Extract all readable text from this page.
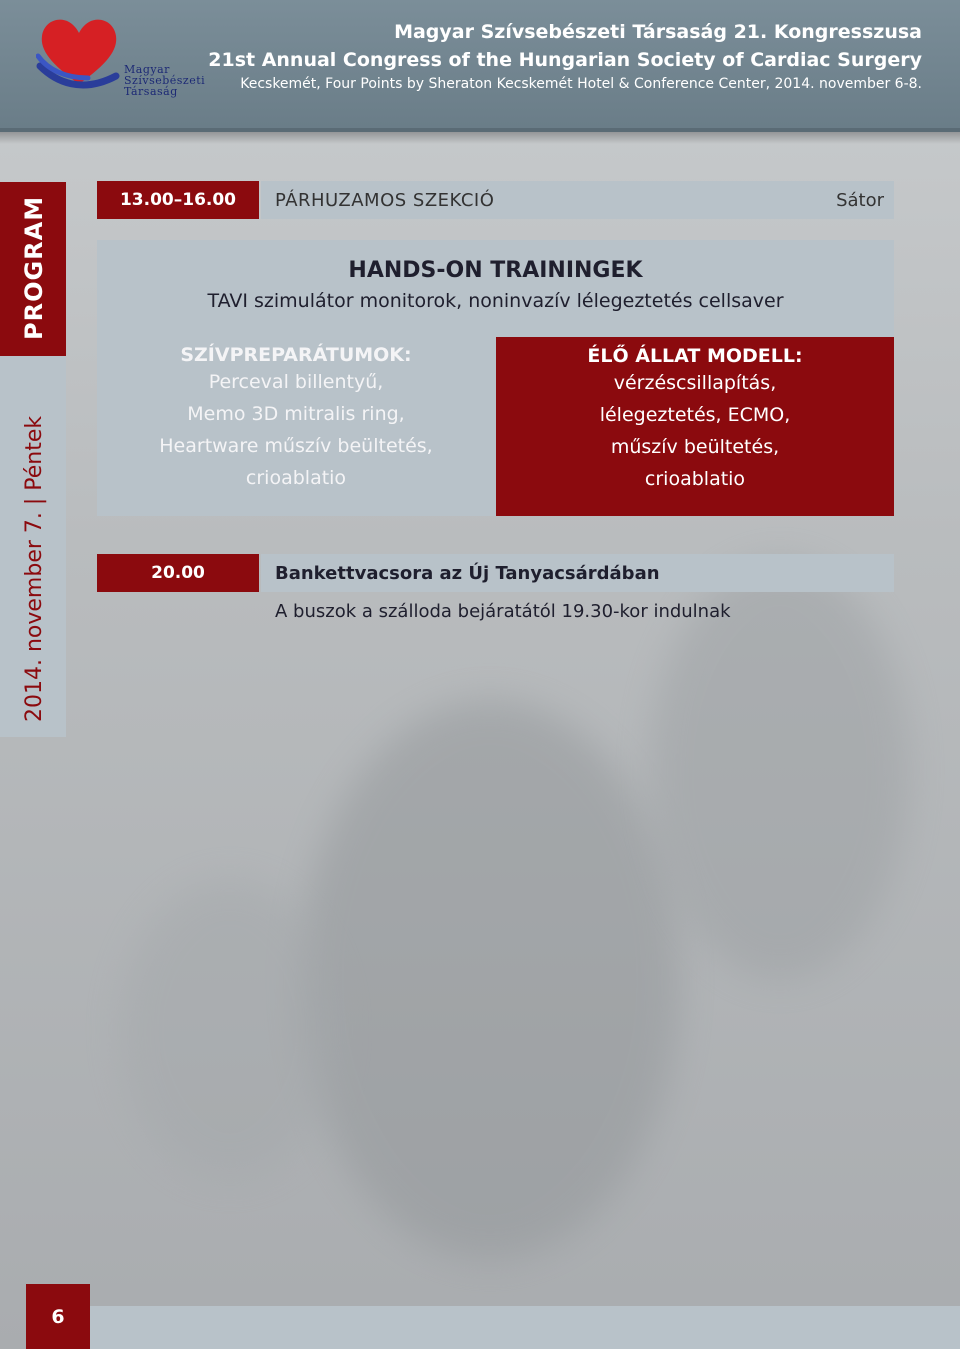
Magyar
Szívsebészeti
Társaság
Magyar Szívsebészeti Társaság 21. Kongresszusa
21st Annual Congress of the Hungarian Society of Cardiac Surgery
Kecskemét, Four Points by Sheraton Kecskemét Hotel & Conference Center, 2014. november 6-8.
PROGRAM
2014. november 7. | Péntek
13.00–16.00	PÁRHUZAMOS SZEKCIÓ	Sátor
HANDS-ON TRAININGEK
TAVI szimulátor monitorok, noninvazív lélegeztetés cellsaver
SZÍVPREPARÁTUMOK:
Perceval billentyű,
Memo 3D mitralis ring,
Heartware műszív beültetés,
crioablatio
ÉLŐ ÁLLAT MODELL:
vérzéscsillapítás,
lélegeztetés, ECMO,
műszív beültetés,
crioablatio
20.00	Bankettvacsora az Új Tanyacsárdában
A buszok a szálloda bejáratától 19.30-kor indulnak
6
